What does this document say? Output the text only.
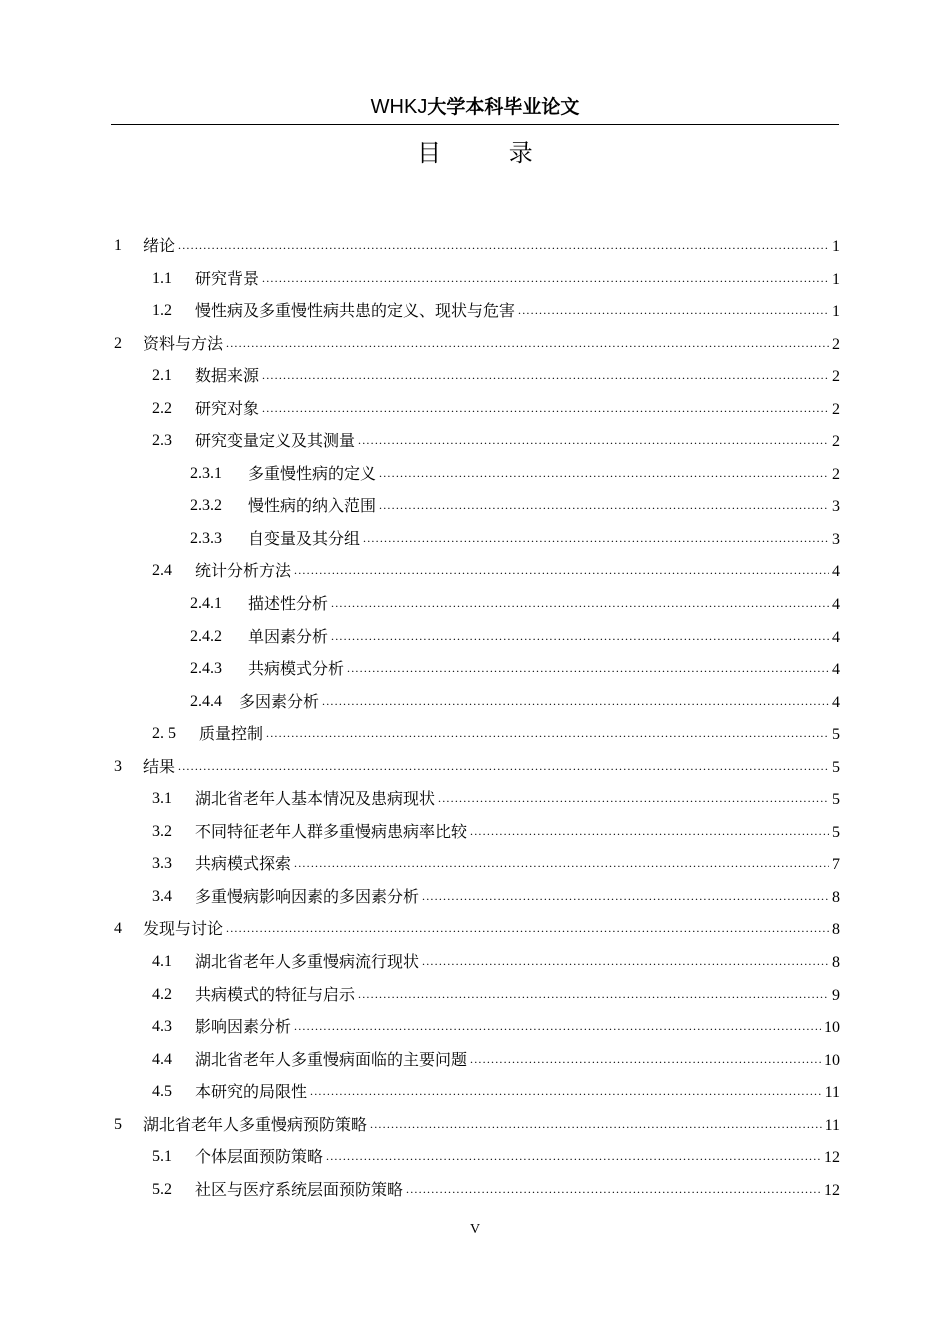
WHKJ大学本科毕业论文
目 录
1 绪论 .....	1
1.1 研究背景 .....	1
1.2 慢性病及多重慢性病共患的定义、现状与危害 .....	1
2 资料与方法 .....	2
2.1 数据来源 .....	2
2.2 研究对象 .....	2
2.3 研究变量定义及其测量 .....	2
2.3.1 多重慢性病的定义 .....	2
2.3.2 慢性病的纳入范围 .....	3
2.3.3 自变量及其分组 .....	3
2.4 统计分析方法 .....	4
2.4.1 描述性分析 .....	4
2.4.2 单因素分析 .....	4
2.4.3 共病模式分析 .....	4
2.4.4 多因素分析 .....	4
2. 5 质量控制 .....	5
3 结果 .....	5
3.1 湖北省老年人基本情况及患病现状 .....	5
3.2 不同特征老年人群多重慢病患病率比较 .....	5
3.3 共病模式探索 .....	7
3.4 多重慢病影响因素的多因素分析 .....	8
4 发现与讨论 .....	8
4.1 湖北省老年人多重慢病流行现状 .....	8
4.2 共病模式的特征与启示 .....	9
4.3 影响因素分析 .....	10
4.4 湖北省老年人多重慢病面临的主要问题 .....	10
4.5 本研究的局限性 .....	11
5 湖北省老年人多重慢病预防策略 .....	11
5.1 个体层面预防策略 .....	12
5.2 社区与医疗系统层面预防策略 .....	12
V
